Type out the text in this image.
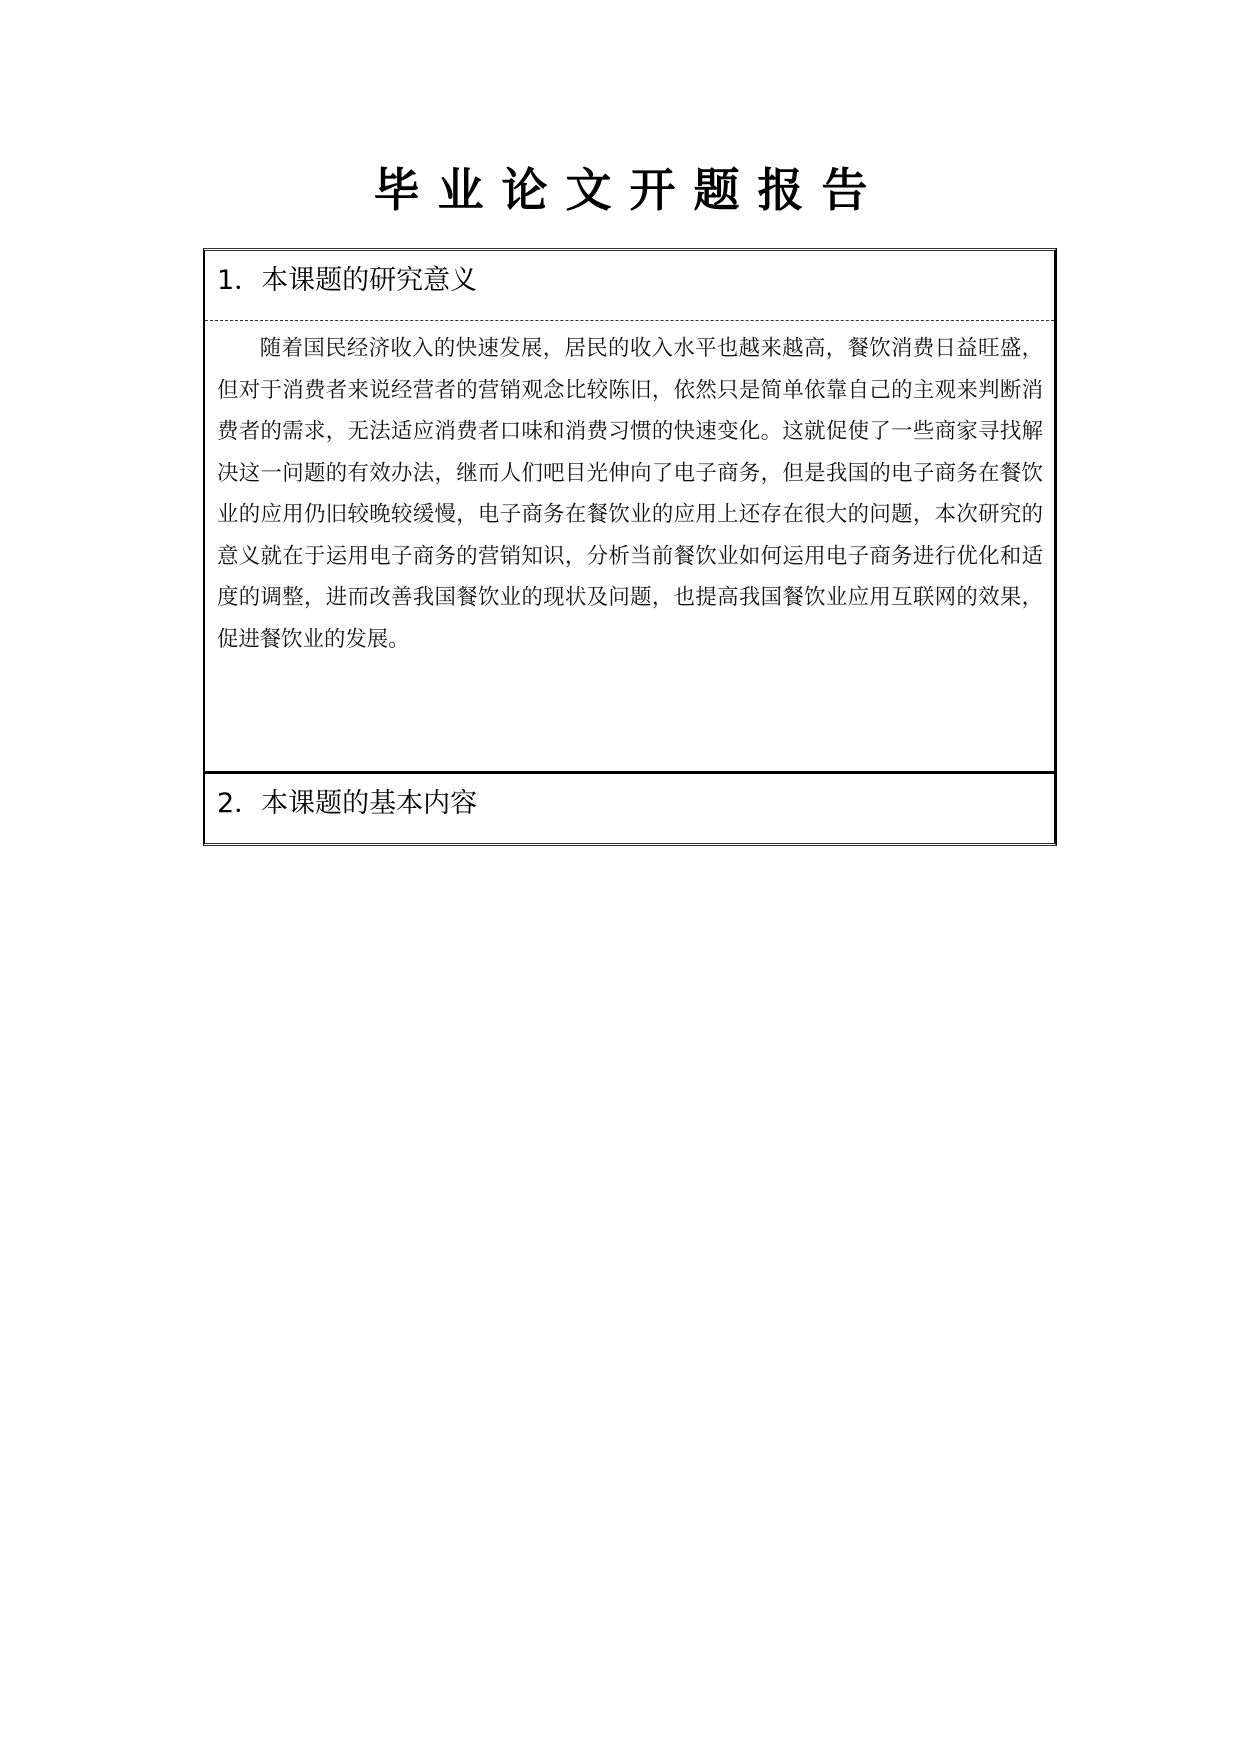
毕业论文开题报告
1．本课题的研究意义
随着国民经济收入的快速发展，居民的收入水平也越来越高，餐饮消费日益旺盛，但对于消费者来说经营者的营销观念比较陈旧，依然只是简单依靠自己的主观来判断消费者的需求，无法适应消费者口味和消费习惯的快速变化。这就促使了一些商家寻找解决这一问题的有效办法，继而人们吧目光伸向了电子商务，但是我国的电子商务在餐饮业的应用仍旧较晚较缓慢，电子商务在餐饮业的应用上还存在很大的问题，本次研究的意义就在于运用电子商务的营销知识，分析当前餐饮业如何运用电子商务进行优化和适度的调整，进而改善我国餐饮业的现状及问题，也提高我国餐饮业应用互联网的效果，促进餐饮业的发展。
2．本课题的基本内容
